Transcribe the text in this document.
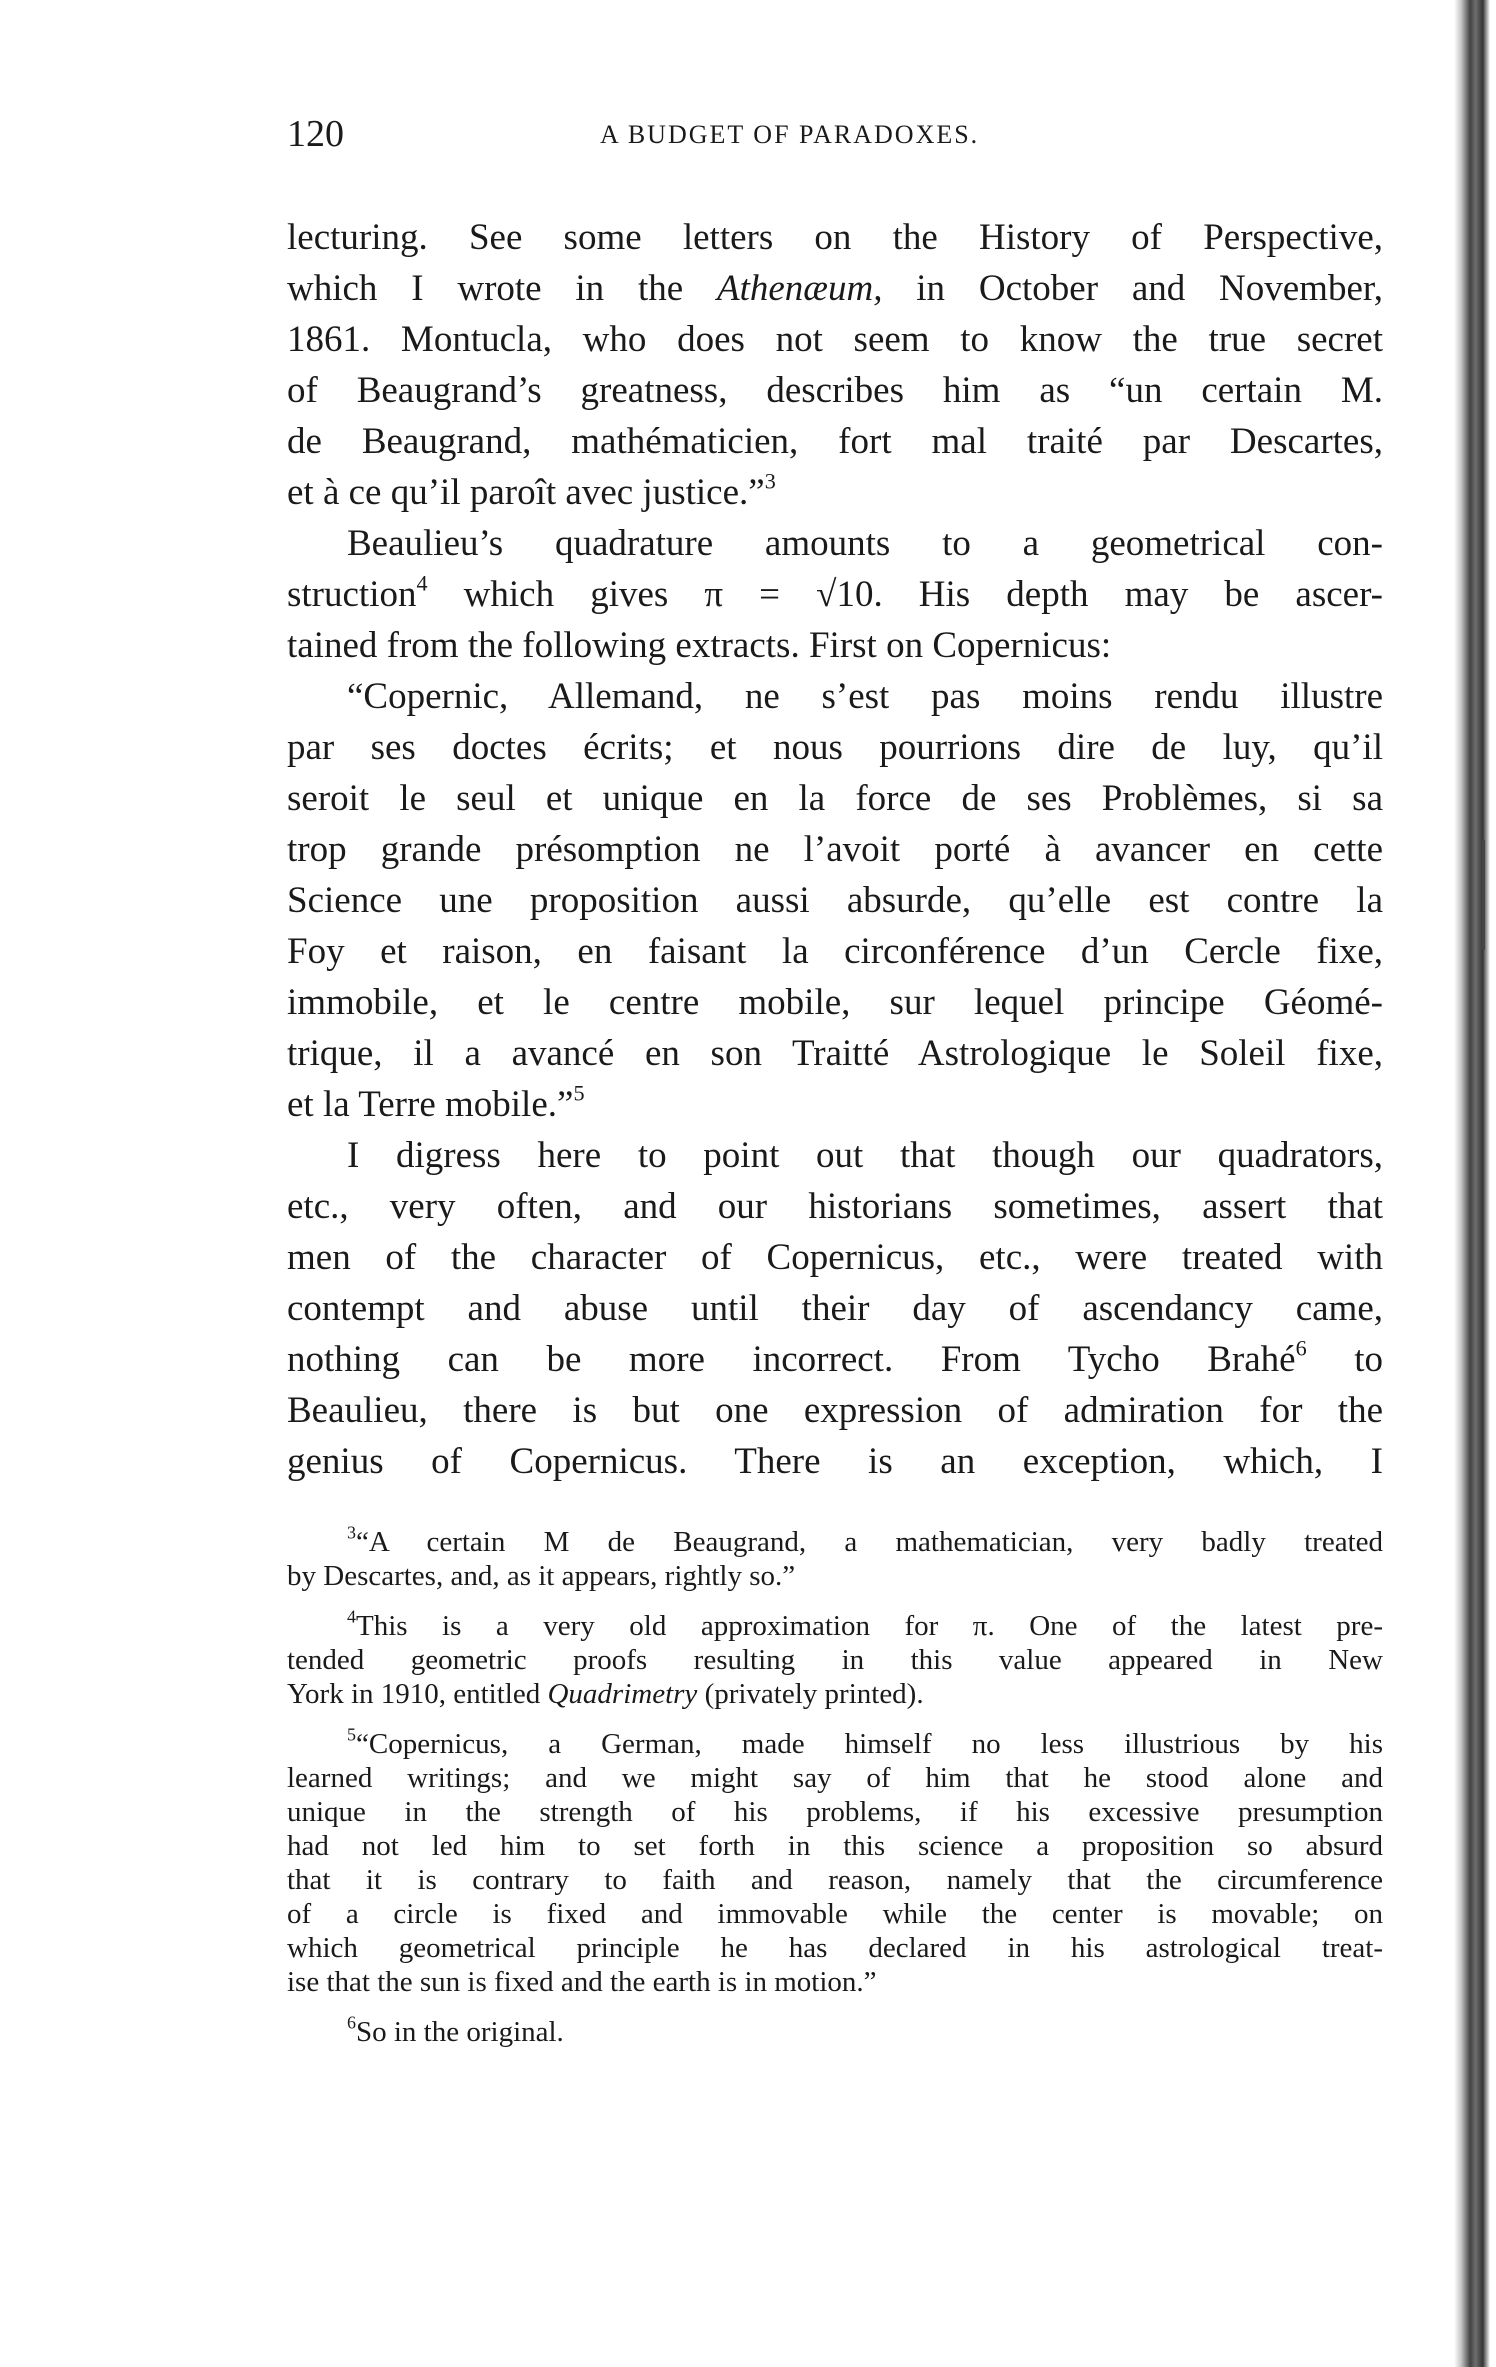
120	A BUDGET OF PARADOXES.
lecturing. See some letters on the History of Perspective,
which I wrote in the Athenæum, in October and November,
1861. Montucla, who does not seem to know the true secret
of Beaugrand’s greatness, describes him as “un certain M.
de Beaugrand, mathématicien, fort mal traité par Descartes,
et à ce qu’il paroît avec justice.”$^3$
Beaulieu’s quadrature amounts to a geometrical con-
struction$^4$ which gives π = √10. His depth may be ascer-
tained from the following extracts. First on Copernicus:
“Copernic, Allemand, ne s’est pas moins rendu illustre
par ses doctes écrits; et nous pourrions dire de luy, qu’il
seroit le seul et unique en la force de ses Problèmes, si sa
trop grande présomption ne l’avoit porté à avancer en cette
Science une proposition aussi absurde, qu’elle est contre la
Foy et raison, en faisant la circonférence d’un Cercle fixe,
immobile, et le centre mobile, sur lequel principe Géomé-
trique, il a avancé en son Traitté Astrologique le Soleil fixe,
et la Terre mobile.”$^5$
I digress here to point out that though our quadrators,
etc., very often, and our historians sometimes, assert that
men of the character of Copernicus, etc., were treated with
contempt and abuse until their day of ascendancy came,
nothing can be more incorrect. From Tycho Brahé$^6$ to
Beaulieu, there is but one expression of admiration for the
genius of Copernicus. There is an exception, which, I
$^3$“A certain M de Beaugrand, a mathematician, very badly treated
by Descartes, and, as it appears, rightly so.”
$^4$This is a very old approximation for π. One of the latest pre-
tended geometric proofs resulting in this value appeared in New
York in 1910, entitled Quadrimetry (privately printed).
$^5$“Copernicus, a German, made himself no less illustrious by his
learned writings; and we might say of him that he stood alone and
unique in the strength of his problems, if his excessive presumption
had not led him to set forth in this science a proposition so absurd
that it is contrary to faith and reason, namely that the circumference
of a circle is fixed and immovable while the center is movable; on
which geometrical principle he has declared in his astrological treat-
ise that the sun is fixed and the earth is in motion.”
$^6$So in the original.
